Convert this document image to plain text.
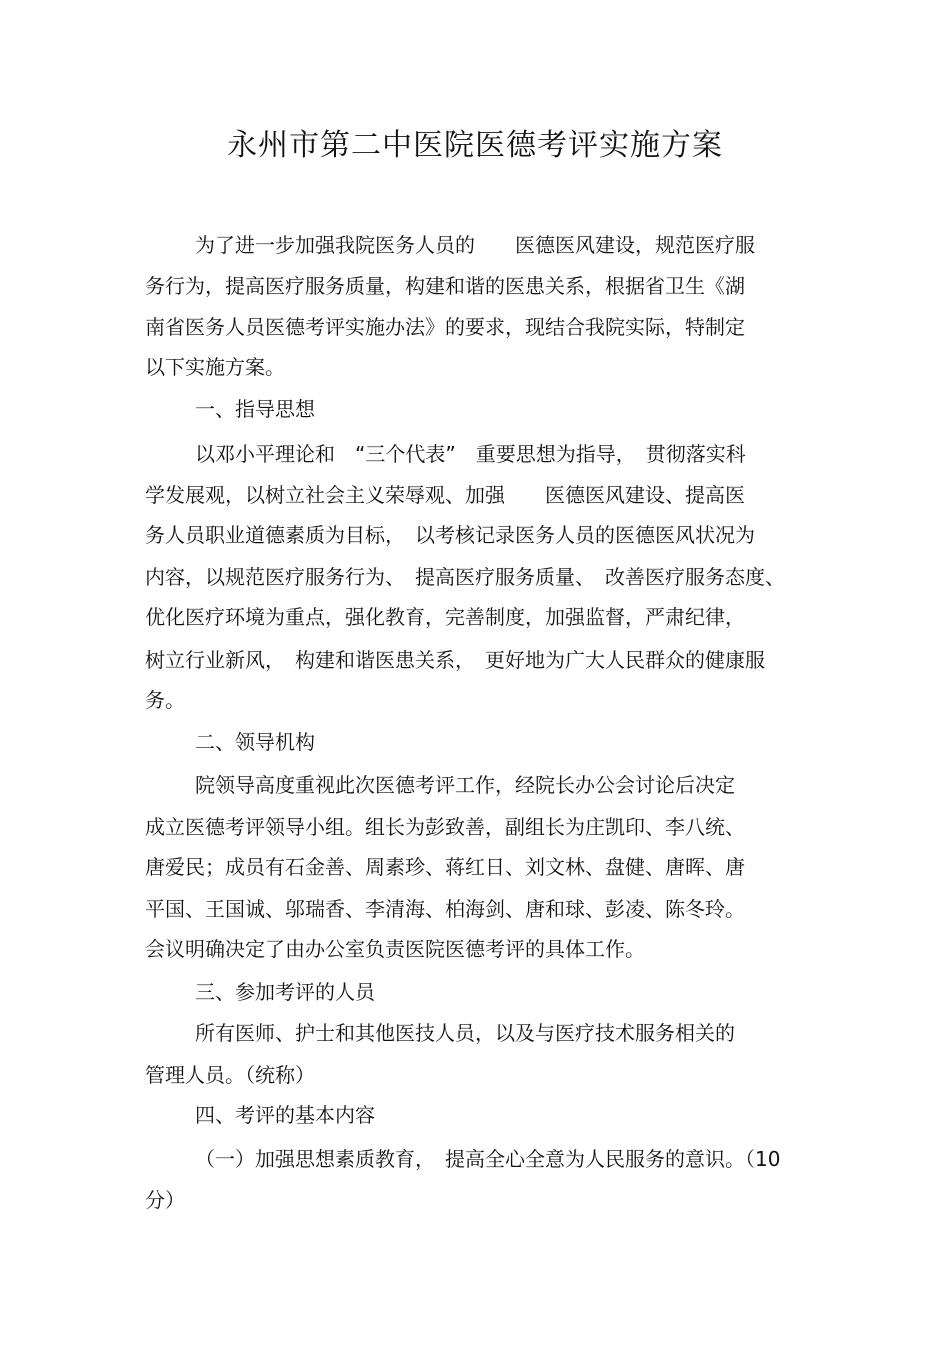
永州市第二中医院医德考评实施方案
为了进一步加强我院医务人员的　　医德医风建设，规范医疗服
务行为，提高医疗服务质量，构建和谐的医患关系，根据省卫生《湖
南省医务人员医德考评实施办法》的要求，现结合我院实际，特制定
以下实施方案。
一、指导思想
以邓小平理论和　“三个代表”　重要思想为指导，　贯彻落实科
学发展观，以树立社会主义荣辱观、加强　　医德医风建设、提高医
务人员职业道德素质为目标，　以考核记录医务人员的医德医风状况为
内容，以规范医疗服务行为、　提高医疗服务质量、　改善医疗服务态度、
优化医疗环境为重点，强化教育，完善制度，加强监督，严肃纪律，
树立行业新风，　构建和谐医患关系，　更好地为广大人民群众的健康服
务。
二、领导机构
院领导高度重视此次医德考评工作，经院长办公会讨论后决定
成立医德考评领导小组。组长为彭致善，副组长为庄凯印、李八统、
唐爱民；成员有石金善、周素珍、蒋红日、刘文林、盘健、唐晖、唐
平国、王国诚、邬瑞香、李清海、柏海剑、唐和球、彭凌、陈冬玲。
会议明确决定了由办公室负责医院医德考评的具体工作。
三、参加考评的人员
所有医师、护士和其他医技人员，以及与医疗技术服务相关的
管理人员。（统称）
四、考评的基本内容
（一）加强思想素质教育，　提高全心全意为人民服务的意识。（10
分）
